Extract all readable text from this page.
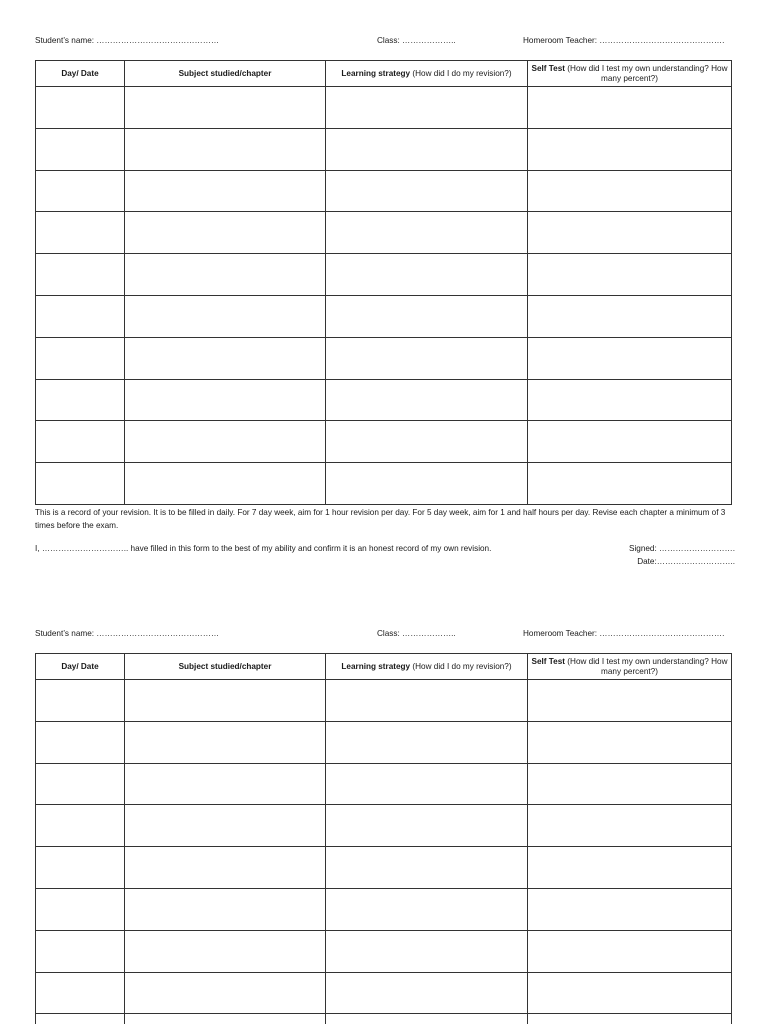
Student’s name: ………………………………………	Class: ………………..	Homeroom Teacher: ……………………………………….
Day/ Date	Subject studied/chapter	Learning strategy (How did I do my revision?)	Self Test (How did I test my own understanding? How many percent?)

This is a record of your revision. It is to be filled in daily. For 7 day week, aim for 1 hour revision per day. For 5 day week, aim for 1 and half hours per day. Revise each chapter a minimum of 3 times before the exam.
I, ………………………….. have filled in this form to the best of my ability and confirm it is an honest record of my own revision.	Signed: ……………………….
Date:………………………..
Student’s name: ………………………………………	Class: ………………..	Homeroom Teacher: ……………………………………….
Day/ Date	Subject studied/chapter	Learning strategy (How did I do my revision?)	Self Test (How did I test my own understanding? How many percent?)
